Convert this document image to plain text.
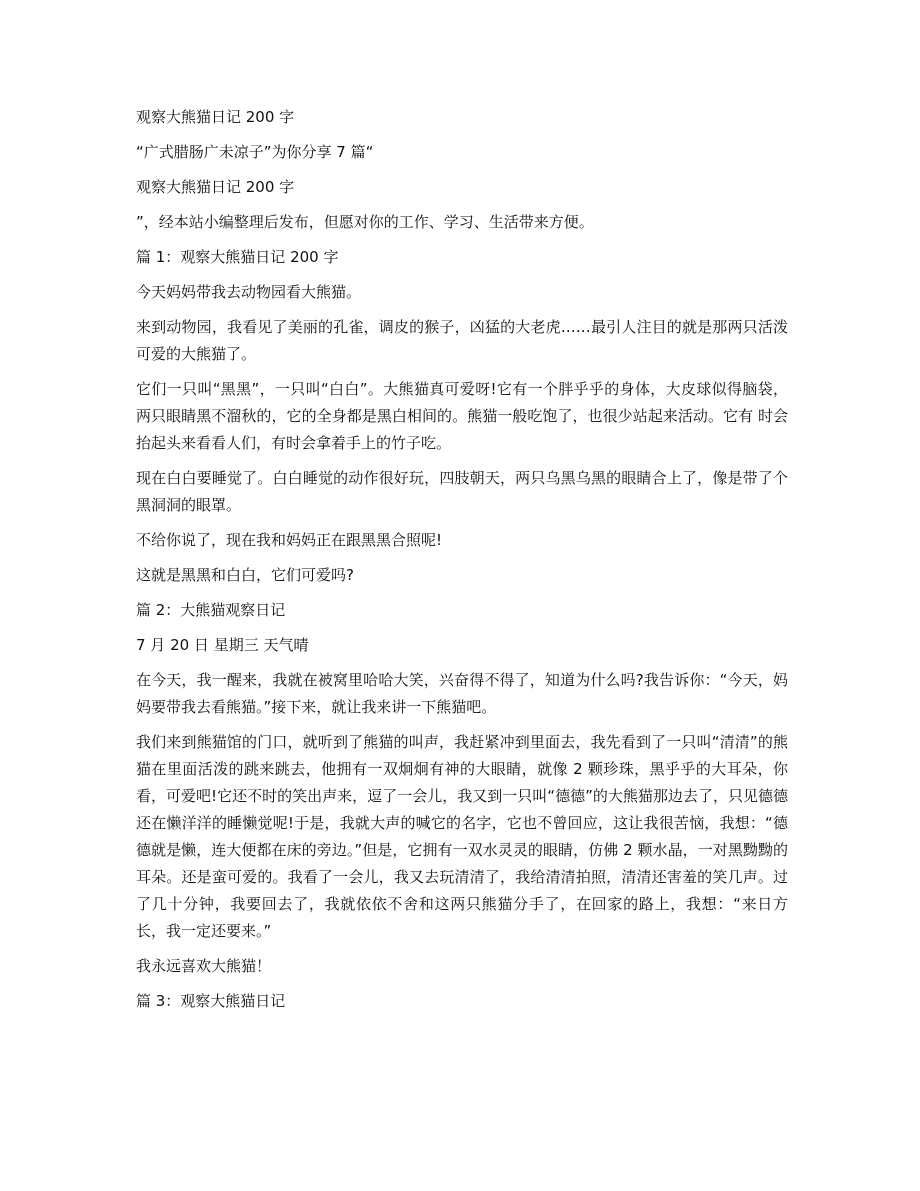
观察大熊猫日记 200 字

“广式腊肠广未凉子”为你分享 7 篇“

观察大熊猫日记 200 字

”，经本站小编整理后发布，但愿对你的工作、学习、生活带来方便。

篇 1：观察大熊猫日记 200 字

今天妈妈带我去动物园看大熊猫。

来到动物园，我看见了美丽的孔雀，调皮的猴子，凶猛的大老虎……最引人注目的就是那两只活泼可爱的大熊猫了。

它们一只叫“黑黑”，一只叫“白白”。大熊猫真可爱呀!它有一个胖乎乎的身体，大皮球似得脑袋，两只眼睛黑不溜秋的，它的全身都是黑白相间的。熊猫一般吃饱了，也很少站起来活动。它有 时会抬起头来看看人们，有时会拿着手上的竹子吃。

现在白白要睡觉了。白白睡觉的动作很好玩，四肢朝天，两只乌黑乌黑的眼睛合上了，像是带了个黑洞洞的眼罩。

不给你说了，现在我和妈妈正在跟黑黑合照呢!

这就是黑黑和白白，它们可爱吗?

篇 2：大熊猫观察日记

7 月 20 日 星期三 天气晴

在今天，我一醒来，我就在被窝里哈哈大笑，兴奋得不得了，知道为什么吗?我告诉你：“今天，妈妈要带我去看熊猫。”接下来，就让我来讲一下熊猫吧。

我们来到熊猫馆的门口，就听到了熊猫的叫声，我赶紧冲到里面去，我先看到了一只叫“清清”的熊猫在里面活泼的跳来跳去，他拥有一双炯炯有神的大眼睛，就像 2 颗珍珠，黑乎乎的大耳朵，你看，可爱吧!它还不时的笑出声来，逗了一会儿，我又到一只叫“德德”的大熊猫那边去了，只见德德还在懒洋洋的睡懒觉呢!于是，我就大声的喊它的名字，它也不曾回应，这让我很苦恼，我想：“德德就是懒，连大便都在床的旁边。”但是，它拥有一双水灵灵的眼睛，仿佛 2 颗水晶，一对黑黝黝的耳朵。还是蛮可爱的。我看了一会儿，我又去玩清清了，我给清清拍照，清清还害羞的笑几声。过了几十分钟，我要回去了，我就依依不舍和这两只熊猫分手了，在回家的路上，我想：“来日方长，我一定还要来。”

我永远喜欢大熊猫！

篇 3：观察大熊猫日记
